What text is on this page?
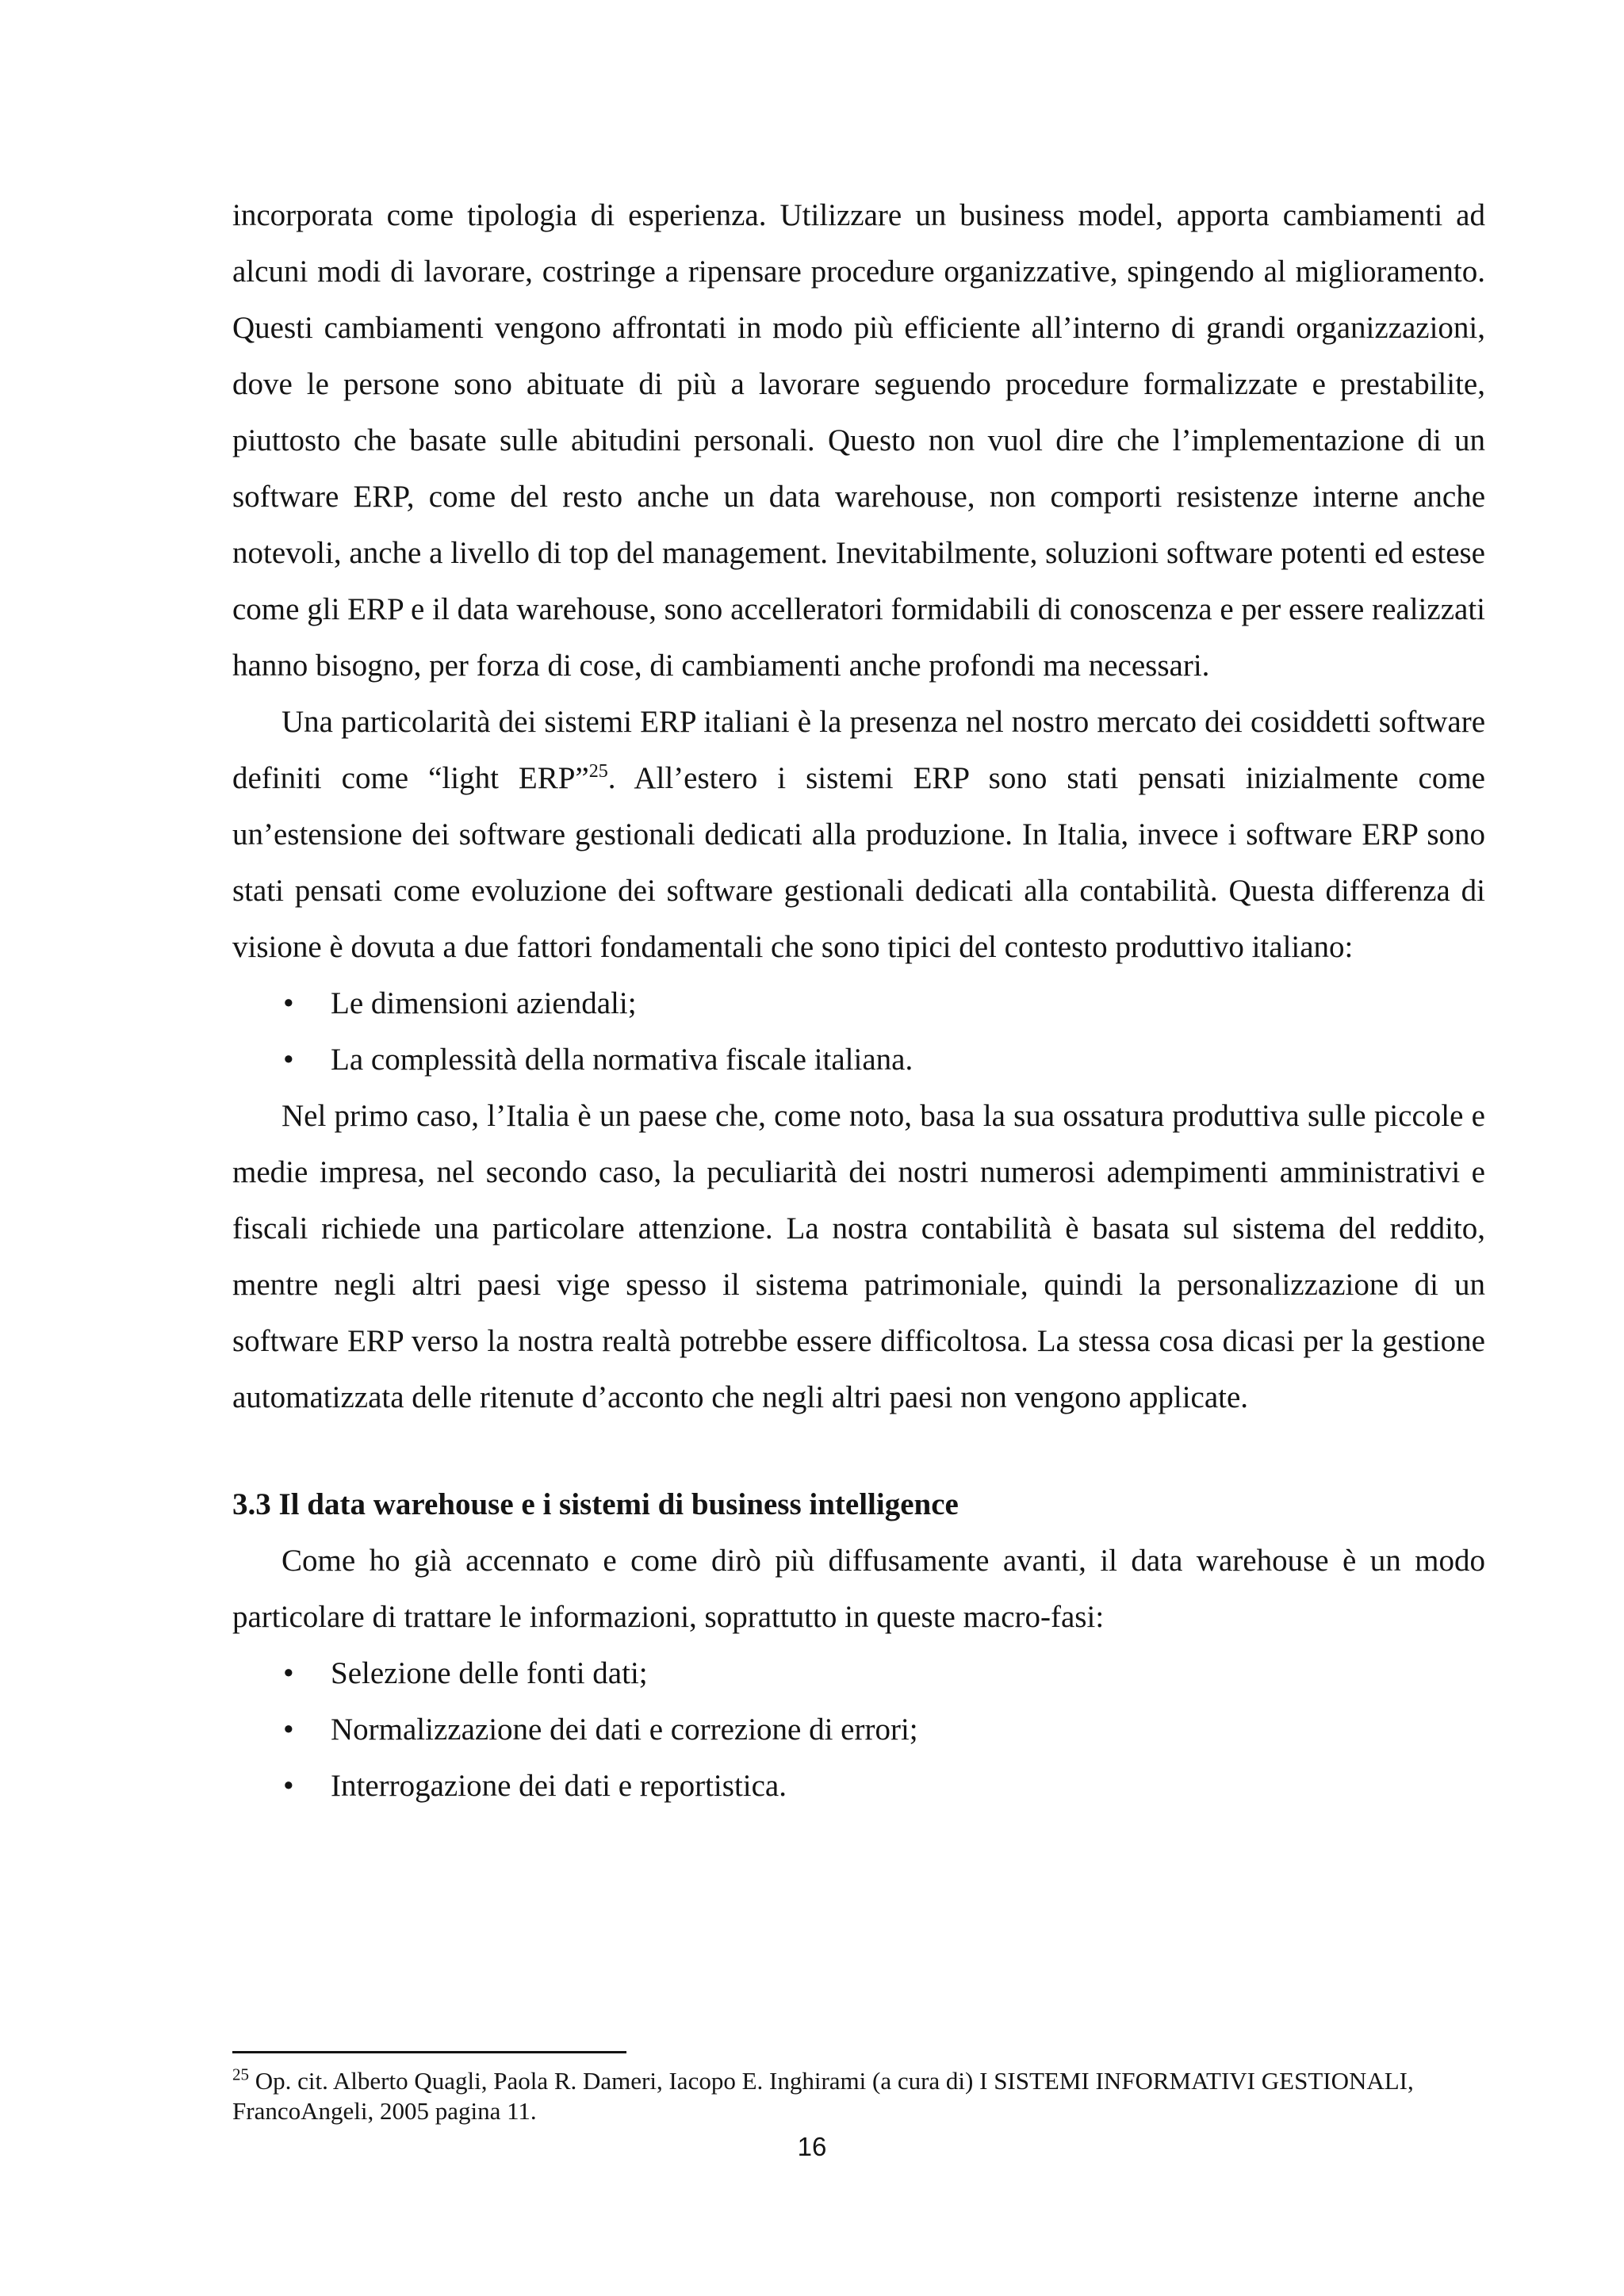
incorporata come tipologia di esperienza. Utilizzare un business model, apporta cambiamenti ad alcuni modi di lavorare, costringe a ripensare procedure organizzative, spingendo al miglioramento. Questi cambiamenti vengono affrontati in modo più efficiente all’interno di grandi organizzazioni, dove le persone sono abituate di più a lavorare seguendo procedure formalizzate e prestabilite, piuttosto che basate sulle abitudini personali. Questo non vuol dire che l’implementazione di un software ERP, come del resto anche un data warehouse, non comporti resistenze interne anche notevoli, anche a livello di top del management. Inevitabilmente, soluzioni software potenti ed estese come gli ERP e il data warehouse, sono accelleratori formidabili di conoscenza e per essere realizzati hanno bisogno, per forza di cose, di cambiamenti anche profondi ma necessari.

Una particolarità dei sistemi ERP italiani è la presenza nel nostro mercato dei cosiddetti software definiti come “light ERP”$^{25}$. All’estero i sistemi ERP sono stati pensati inizialmente come un’estensione dei software gestionali dedicati alla produzione. In Italia, invece i software ERP sono stati pensati come evoluzione dei software gestionali dedicati alla contabilità. Questa differenza di visione è dovuta a due fattori fondamentali che sono tipici del contesto produttivo italiano:

• Le dimensioni aziendali;
• La complessità della normativa fiscale italiana.

Nel primo caso, l’Italia è un paese che, come noto, basa la sua ossatura produttiva sulle piccole e medie impresa, nel secondo caso, la peculiarità dei nostri numerosi adempimenti amministrativi e fiscali richiede una particolare attenzione. La nostra contabilità è basata sul sistema del reddito, mentre negli altri paesi vige spesso il sistema patrimoniale, quindi la personalizzazione di un software ERP verso la nostra realtà potrebbe essere difficoltosa. La stessa cosa dicasi per la gestione automatizzata delle ritenute d’acconto che negli altri paesi non vengono applicate.

3.3 Il data warehouse e i sistemi di business intelligence

Come ho già accennato e come dirò più diffusamente avanti, il data warehouse è un modo particolare di trattare le informazioni, soprattutto in queste macro-fasi:

• Selezione delle fonti dati;
• Normalizzazione dei dati e correzione di errori;
• Interrogazione dei dati e reportistica.
$^{25}$ Op. cit. Alberto Quagli, Paola R. Dameri, Iacopo E. Inghirami (a cura di) I SISTEMI INFORMATIVI GESTIONALI, FrancoAngeli, 2005 pagina 11.
16
